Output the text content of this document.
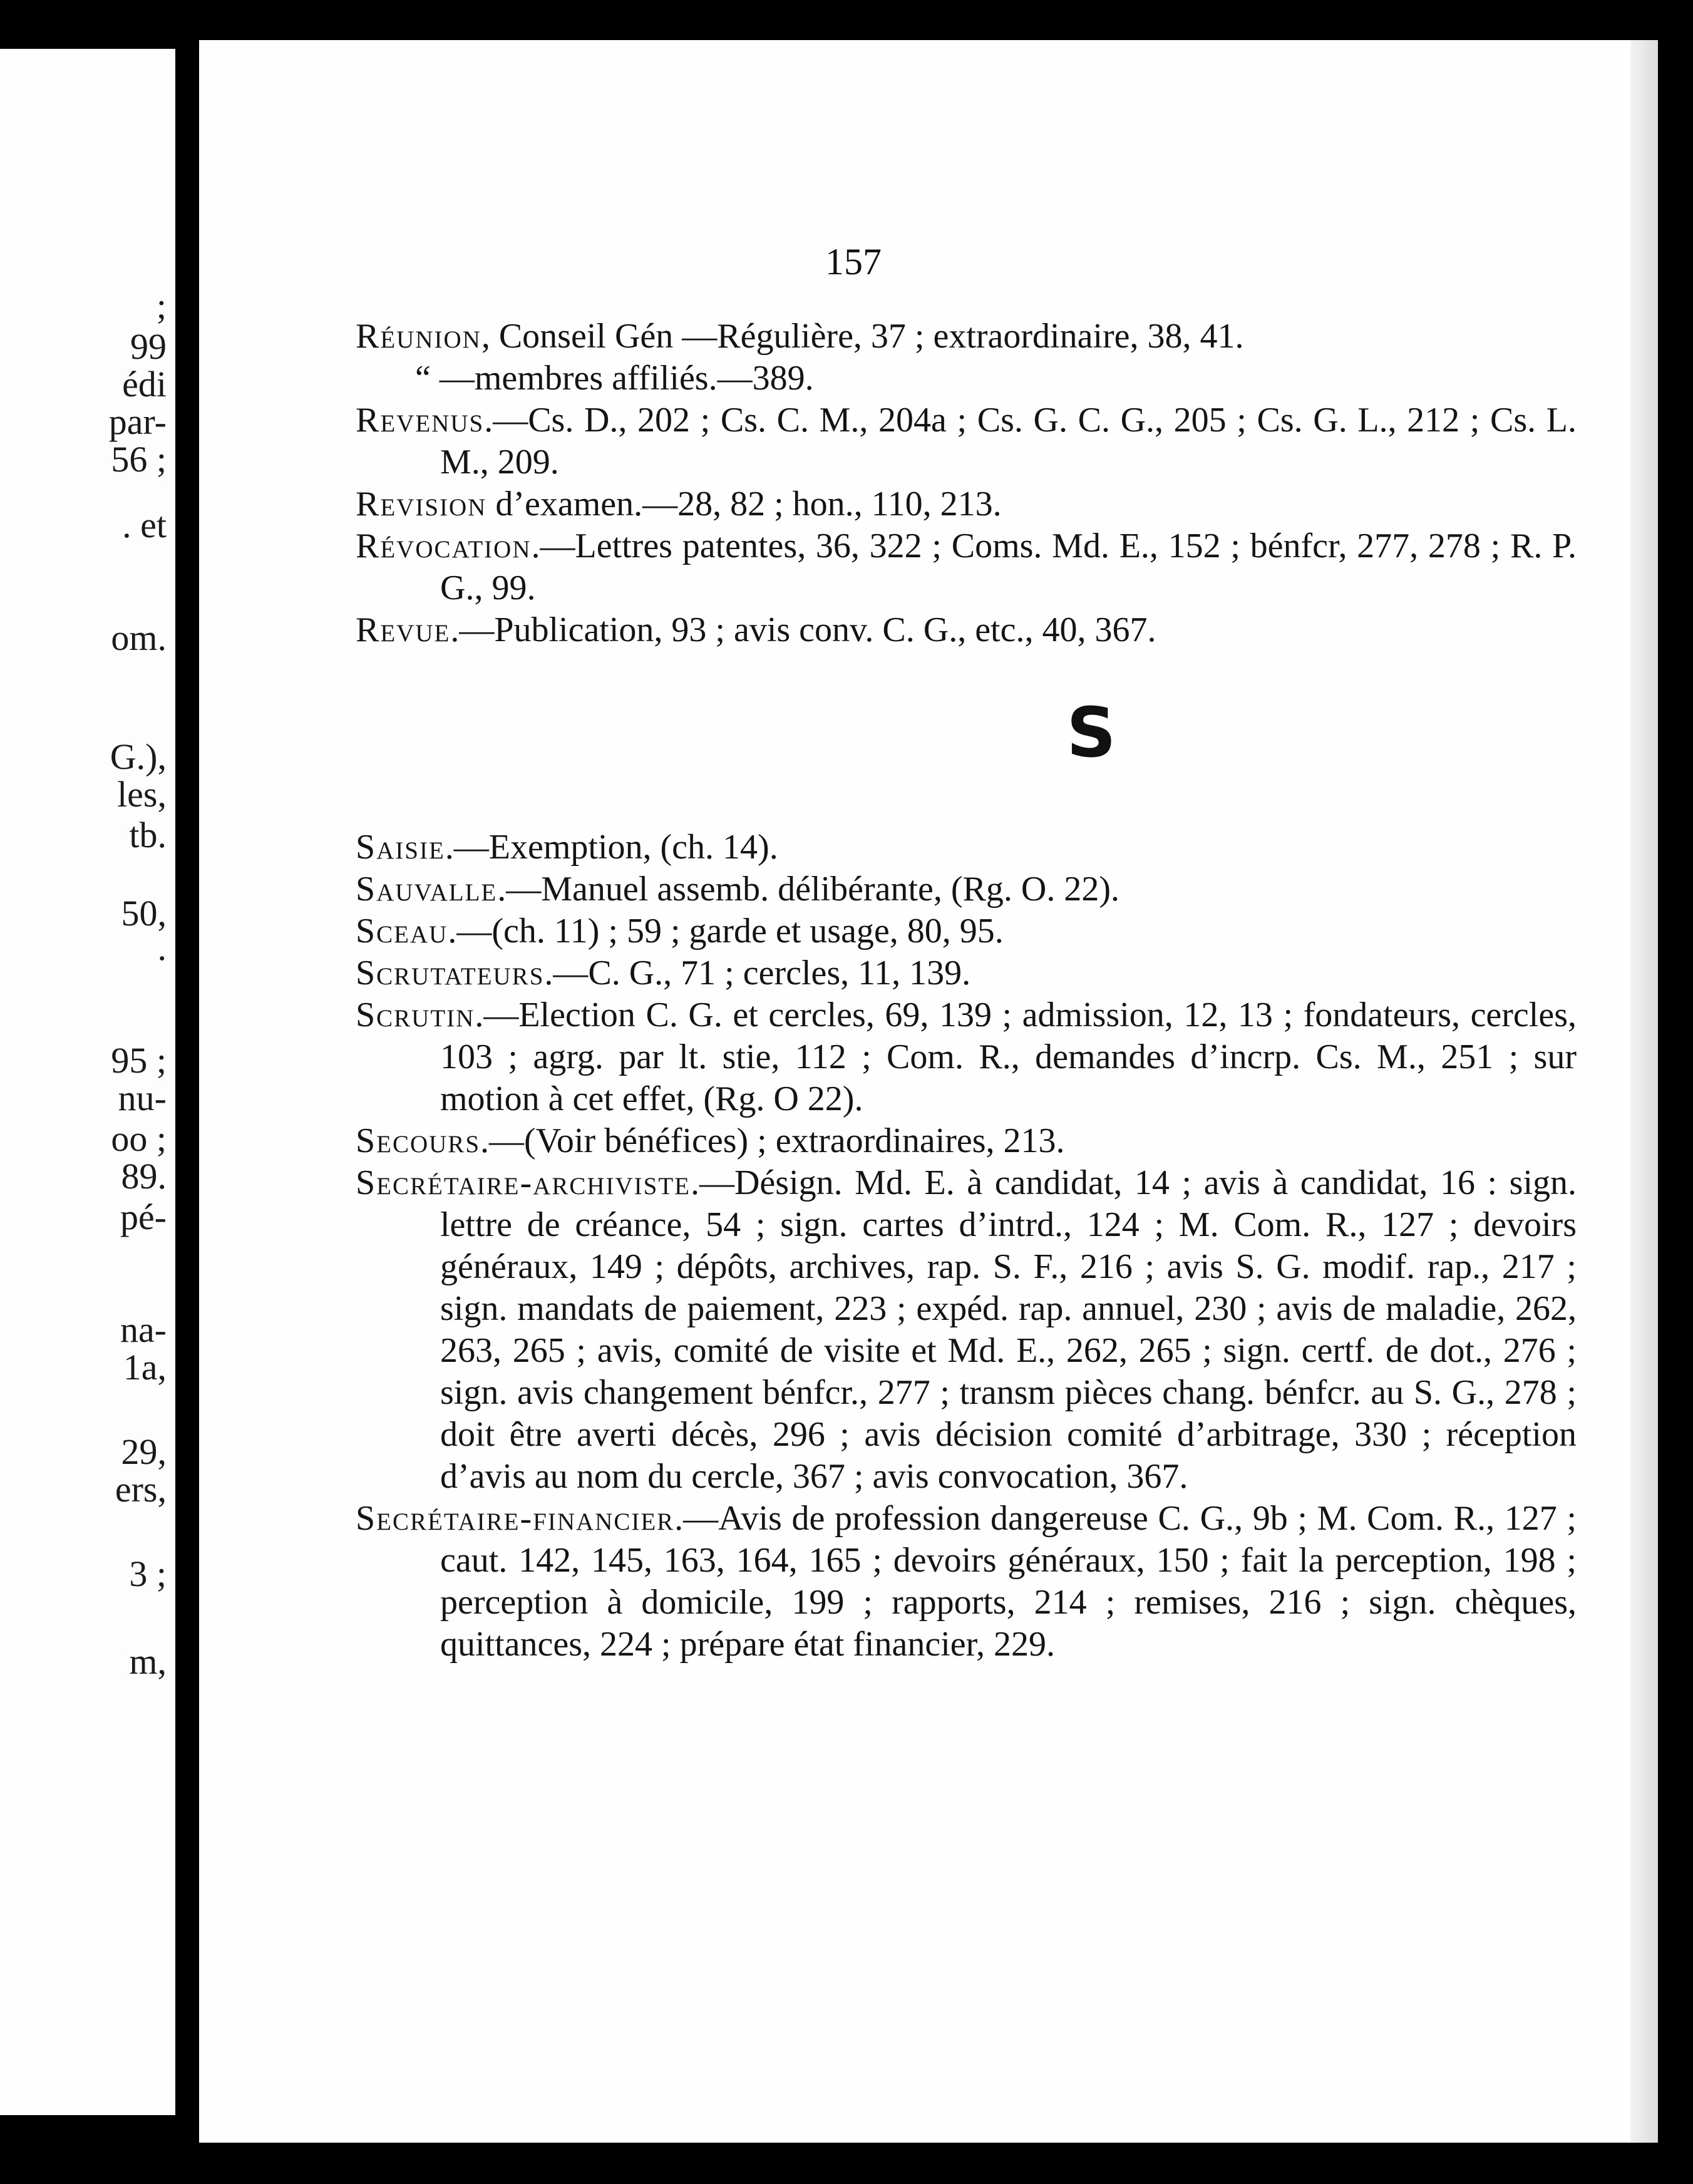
;
99
édi
par-
56 ;
. et
om.
G.),
les,
tb.
50,
.
95 ;
nu-
oo ;
89.
pé-
na-
1a,
29,
ers,
3 ;
m,
157
Réunion, Conseil Gén —Régulière, 37 ; extraordinaire, 38, 41.
“ —membres affiliés.—389.
Revenus.—Cs. D., 202 ; Cs. C. M., 204a ; Cs. G. C. G., 205 ; Cs. G. L., 212 ; Cs. L. M., 209.
Revision d’examen.—28, 82 ; hon., 110, 213.
Révocation.—Lettres patentes, 36, 322 ; Coms. Md. E., 152 ; bénfcr, 277, 278 ; R. P. G., 99.
Revue.—Publication, 93 ; avis conv. C. G., etc., 40, 367.
S
Saisie.—Exemption, (ch. 14).
Sauvalle.—Manuel assemb. délibérante, (Rg. O. 22).
Sceau.—(ch. 11) ; 59 ; garde et usage, 80, 95.
Scrutateurs.—C. G., 71 ; cercles, 11, 139.
Scrutin.—Election C. G. et cercles, 69, 139 ; admission, 12, 13 ; fondateurs, cercles, 103 ; agrg. par lt. stie, 112 ; Com. R., demandes d’incrp. Cs. M., 251 ; sur motion à cet effet, (Rg. O 22).
Secours.—(Voir bénéfices) ; extraordinaires, 213.
Secrétaire-archiviste.—Désign. Md. E. à candidat, 14 ; avis à candidat, 16 : sign. lettre de créance, 54 ; sign. cartes d’intrd., 124 ; M. Com. R., 127 ; devoirs généraux, 149 ; dépôts, archives, rap. S. F., 216 ; avis S. G. modif. rap., 217 ; sign. mandats de paiement, 223 ; expéd. rap. annuel, 230 ; avis de maladie, 262, 263, 265 ; avis, comité de visite et Md. E., 262, 265 ; sign. certf. de dot., 276 ; sign. avis changement bénfcr., 277 ; transm pièces chang. bénfcr. au S. G., 278 ; doit être averti décès, 296 ; avis décision comité d’arbitrage, 330 ; réception d’avis au nom du cercle, 367 ; avis convocation, 367.
Secrétaire-financier.—Avis de profession dangereuse C. G., 9b ; M. Com. R., 127 ; caut. 142, 145, 163, 164, 165 ; devoirs généraux, 150 ; fait la perception, 198 ; perception à domicile, 199 ; rapports, 214 ; remises, 216 ; sign. chèques, quittances, 224 ; prépare état financier, 229.
